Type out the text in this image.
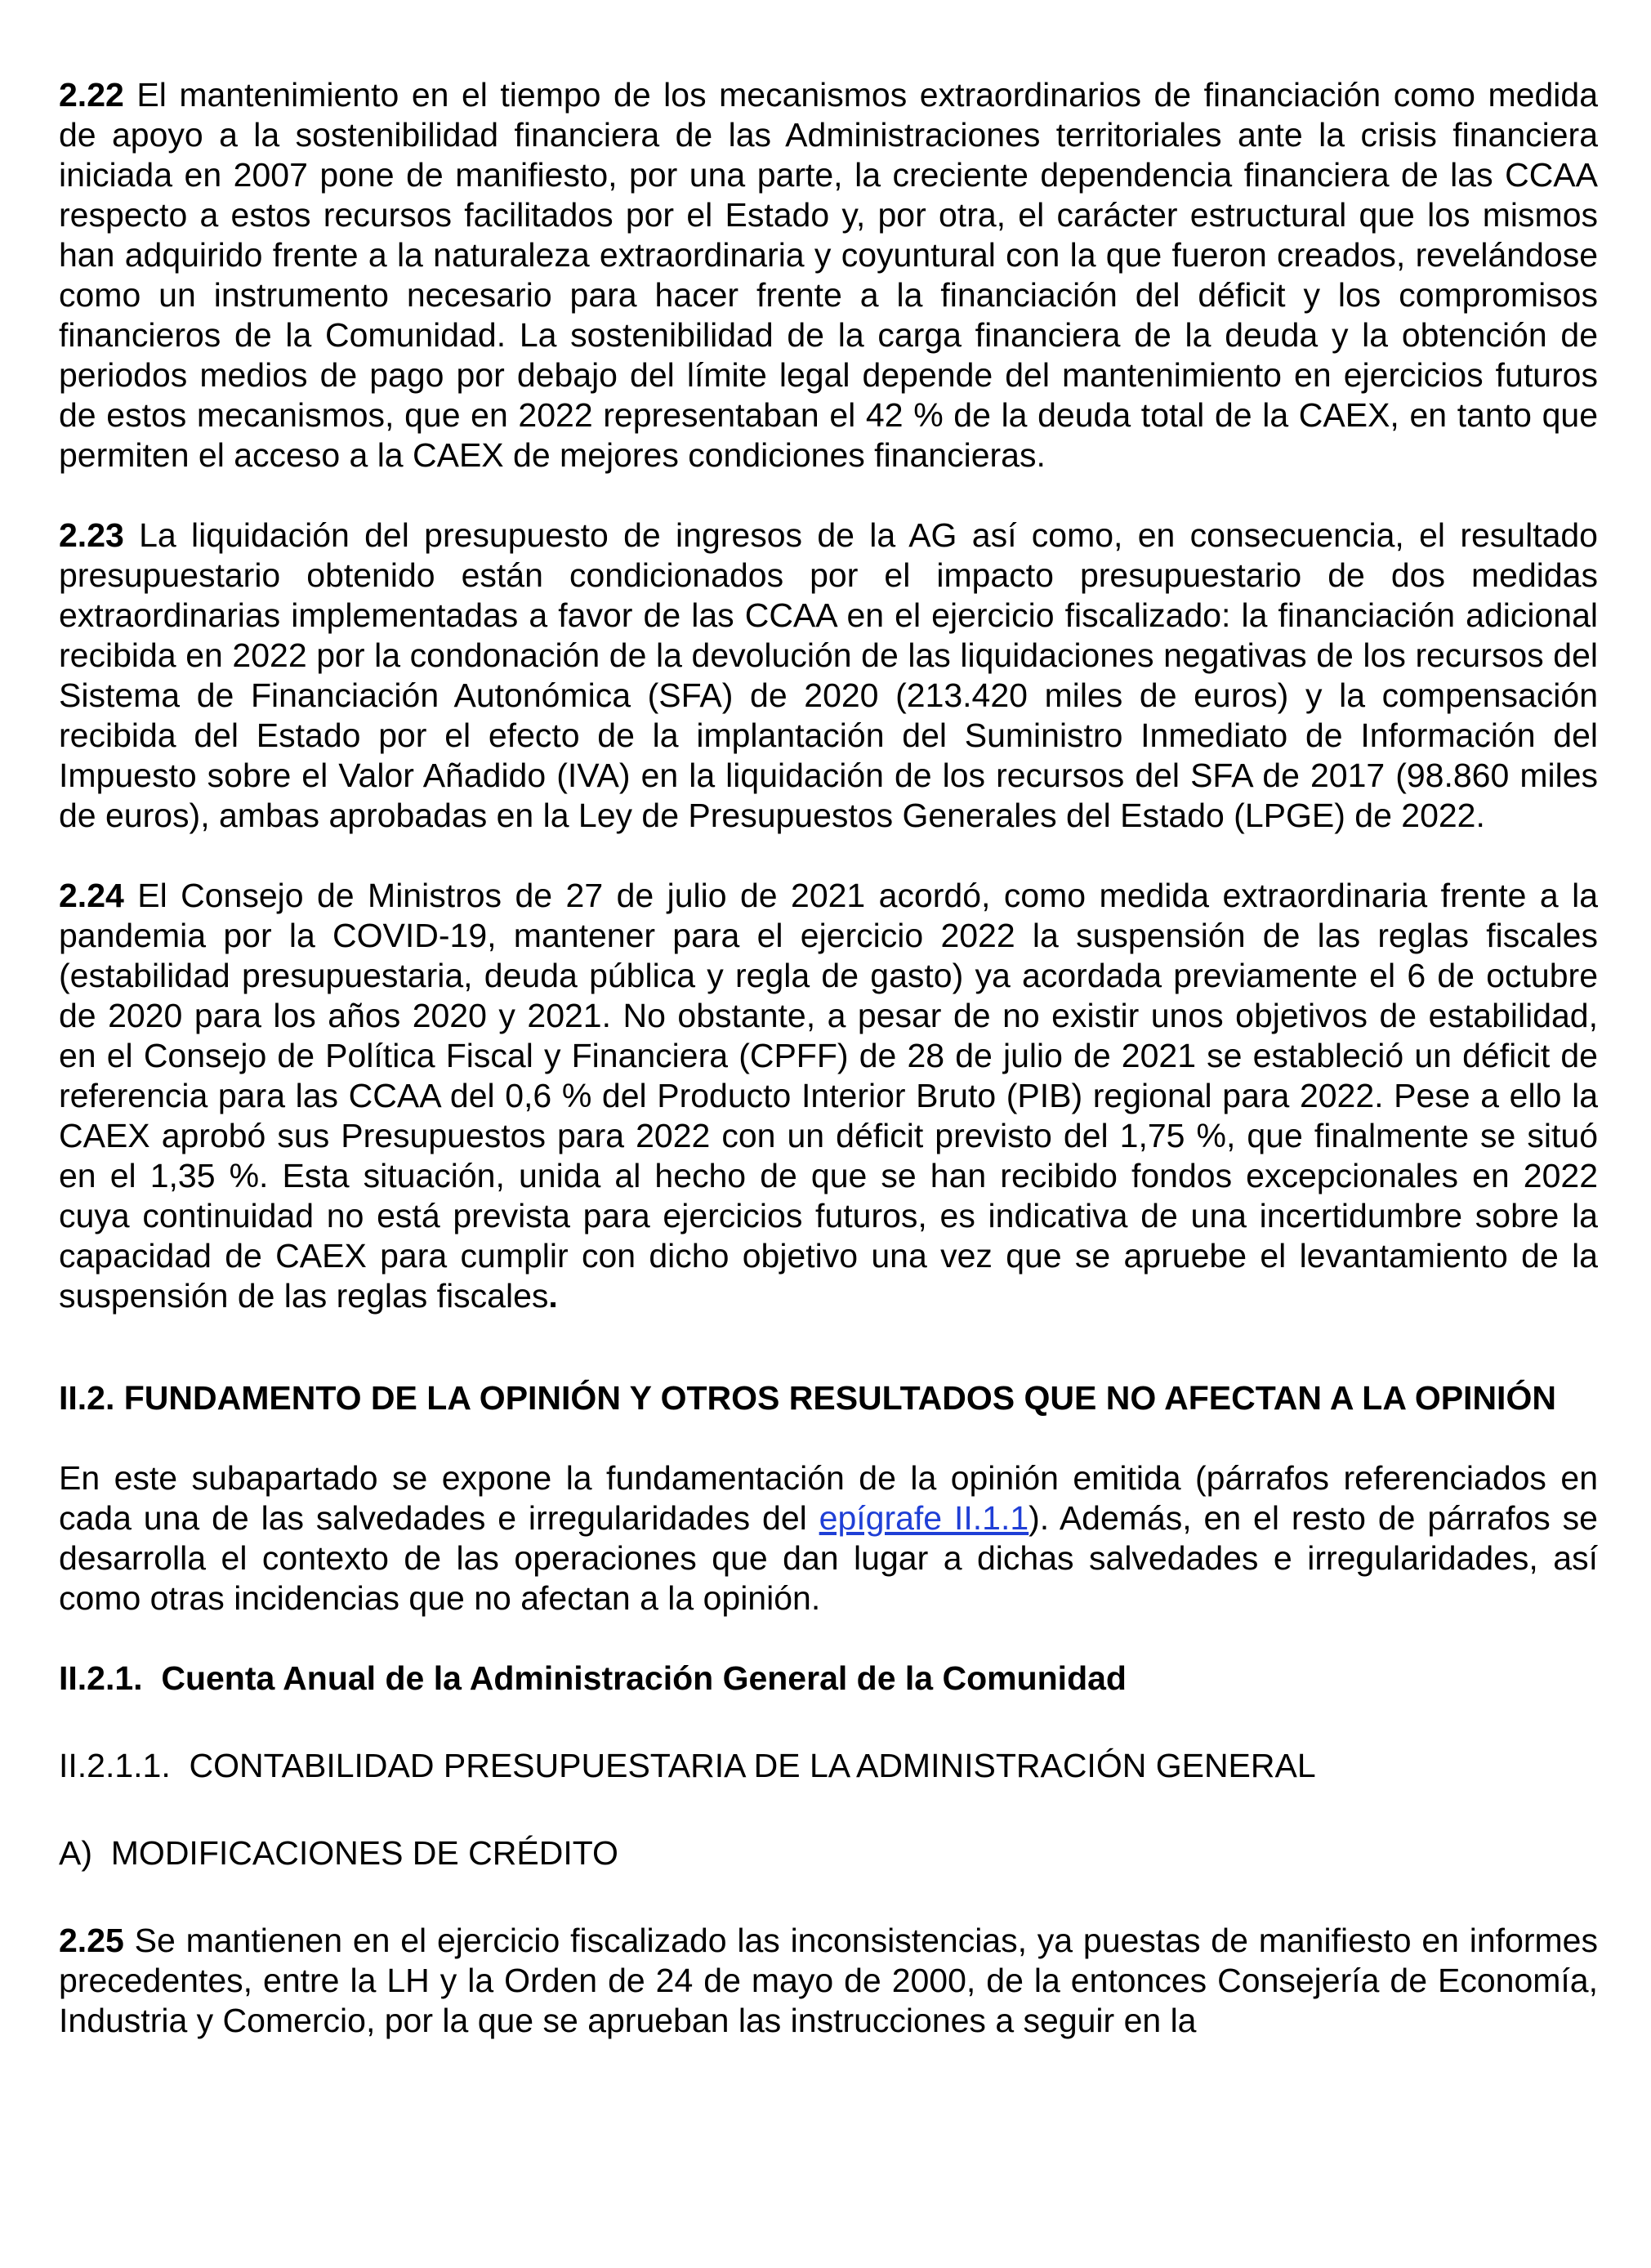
2.22 El mantenimiento en el tiempo de los mecanismos extraordinarios de financiación como medida de apoyo a la sostenibilidad financiera de las Administraciones territoriales ante la crisis financiera iniciada en 2007 pone de manifiesto, por una parte, la creciente dependencia financiera de las CCAA respecto a estos recursos facilitados por el Estado y, por otra, el carácter estructural que los mismos han adquirido frente a la naturaleza extraordinaria y coyuntural con la que fueron creados, revelándose como un instrumento necesario para hacer frente a la financiación del déficit y los compromisos financieros de la Comunidad. La sostenibilidad de la carga financiera de la deuda y la obtención de periodos medios de pago por debajo del límite legal depende del mantenimiento en ejercicios futuros de estos mecanismos, que en 2022 representaban el 42 % de la deuda total de la CAEX, en tanto que permiten el acceso a la CAEX de mejores condiciones financieras.

2.23 La liquidación del presupuesto de ingresos de la AG así como, en consecuencia, el resultado presupuestario obtenido están condicionados por el impacto presupuestario de dos medidas extraordinarias implementadas a favor de las CCAA en el ejercicio fiscalizado: la financiación adicional recibida en 2022 por la condonación de la devolución de las liquidaciones negativas de los recursos del Sistema de Financiación Autonómica (SFA) de 2020 (213.420 miles de euros) y la compensación recibida del Estado por el efecto de la implantación del Suministro Inmediato de Información del Impuesto sobre el Valor Añadido (IVA) en la liquidación de los recursos del SFA de 2017 (98.860 miles de euros), ambas aprobadas en la Ley de Presupuestos Generales del Estado (LPGE) de 2022.

2.24 El Consejo de Ministros de 27 de julio de 2021 acordó, como medida extraordinaria frente a la pandemia por la COVID-19, mantener para el ejercicio 2022 la suspensión de las reglas fiscales (estabilidad presupuestaria, deuda pública y regla de gasto) ya acordada previamente el 6 de octubre de 2020 para los años 2020 y 2021. No obstante, a pesar de no existir unos objetivos de estabilidad, en el Consejo de Política Fiscal y Financiera (CPFF) de 28 de julio de 2021 se estableció un déficit de referencia para las CCAA del 0,6 % del Producto Interior Bruto (PIB) regional para 2022. Pese a ello la CAEX aprobó sus Presupuestos para 2022 con un déficit previsto del 1,75 %, que finalmente se situó en el 1,35 %. Esta situación, unida al hecho de que se han recibido fondos excepcionales en 2022 cuya continuidad no está prevista para ejercicios futuros, es indicativa de una incertidumbre sobre la capacidad de CAEX para cumplir con dicho objetivo una vez que se apruebe el levantamiento de la suspensión de las reglas fiscales.

II.2. FUNDAMENTO DE LA OPINIÓN Y OTROS RESULTADOS QUE NO AFECTAN A LA OPINIÓN

En este subapartado se expone la fundamentación de la opinión emitida (párrafos referenciados en cada una de las salvedades e irregularidades del epígrafe II.1.1). Además, en el resto de párrafos se desarrolla el contexto de las operaciones que dan lugar a dichas salvedades e irregularidades, así como otras incidencias que no afectan a la opinión.

II.2.1.  Cuenta Anual de la Administración General de la Comunidad

II.2.1.1.  CONTABILIDAD PRESUPUESTARIA DE LA ADMINISTRACIÓN GENERAL

A)  MODIFICACIONES DE CRÉDITO

2.25 Se mantienen en el ejercicio fiscalizado las inconsistencias, ya puestas de manifiesto en informes precedentes, entre la LH y la Orden de 24 de mayo de 2000, de la entonces Consejería de Economía, Industria y Comercio, por la que se aprueban las instrucciones a seguir en la
